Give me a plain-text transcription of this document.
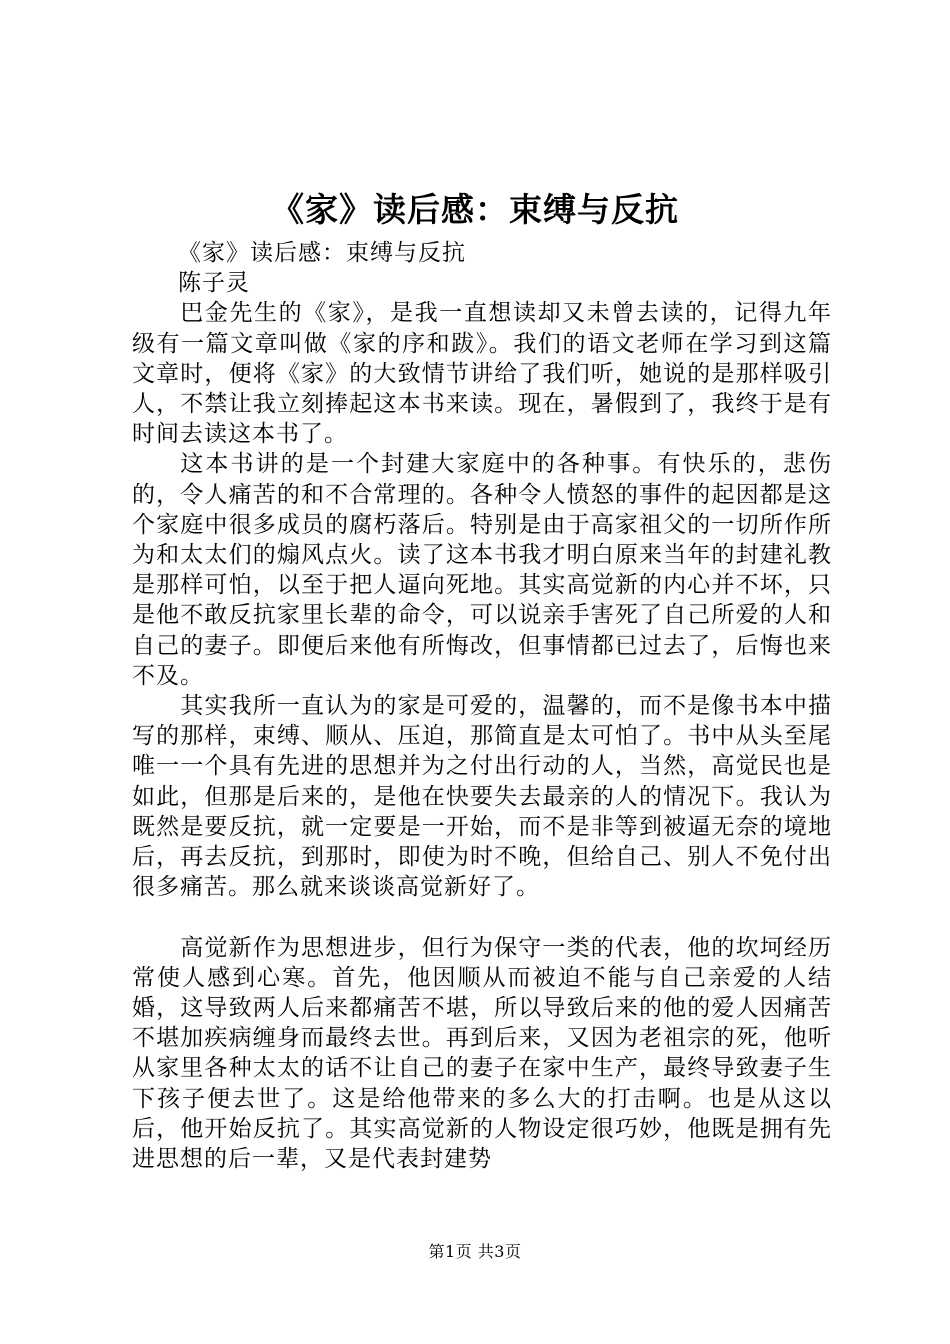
《家》读后感：束缚与反抗

《家》读后感：束缚与反抗

陈子灵

巴金先生的《家》，是我一直想读却又未曾去读的，记得九年级有一篇文章叫做《家的序和跋》。我们的语文老师在学习到这篇文章时，便将《家》的大致情节讲给了我们听，她说的是那样吸引人，不禁让我立刻捧起这本书来读。现在，暑假到了，我终于是有时间去读这本书了。

这本书讲的是一个封建大家庭中的各种事。有快乐的，悲伤的，令人痛苦的和不合常理的。各种令人愤怒的事件的起因都是这个家庭中很多成员的腐朽落后。特别是由于高家祖父的一切所作所为和太太们的煽风点火。读了这本书我才明白原来当年的封建礼教是那样可怕，以至于把人逼向死地。其实高觉新的内心并不坏，只是他不敢反抗家里长辈的命令，可以说亲手害死了自己所爱的人和自己的妻子。即便后来他有所悔改，但事情都已过去了，后悔也来不及。

其实我所一直认为的家是可爱的，温馨的，而不是像书本中描写的那样，束缚、顺从、压迫，那简直是太可怕了。书中从头至尾唯一一个具有先进的思想并为之付出行动的人，当然，高觉民也是如此，但那是后来的，是他在快要失去最亲的人的情况下。我认为既然是要反抗，就一定要是一开始，而不是非等到被逼无奈的境地后，再去反抗，到那时，即使为时不晚，但给自己、别人不免付出很多痛苦。那么就来谈谈高觉新好了。

高觉新作为思想进步，但行为保守一类的代表，他的坎坷经历常使人感到心寒。首先，他因顺从而被迫不能与自己亲爱的人结婚，这导致两人后来都痛苦不堪，所以导致后来的他的爱人因痛苦不堪加疾病缠身而最终去世。再到后来，又因为老祖宗的死，他听从家里各种太太的话不让自己的妻子在家中生产，最终导致妻子生下孩子便去世了。这是给他带来的多么大的打击啊。也是从这以后，他开始反抗了。其实高觉新的人物设定很巧妙，他既是拥有先进思想的后一辈，又是代表封建势

第1页 共3页
